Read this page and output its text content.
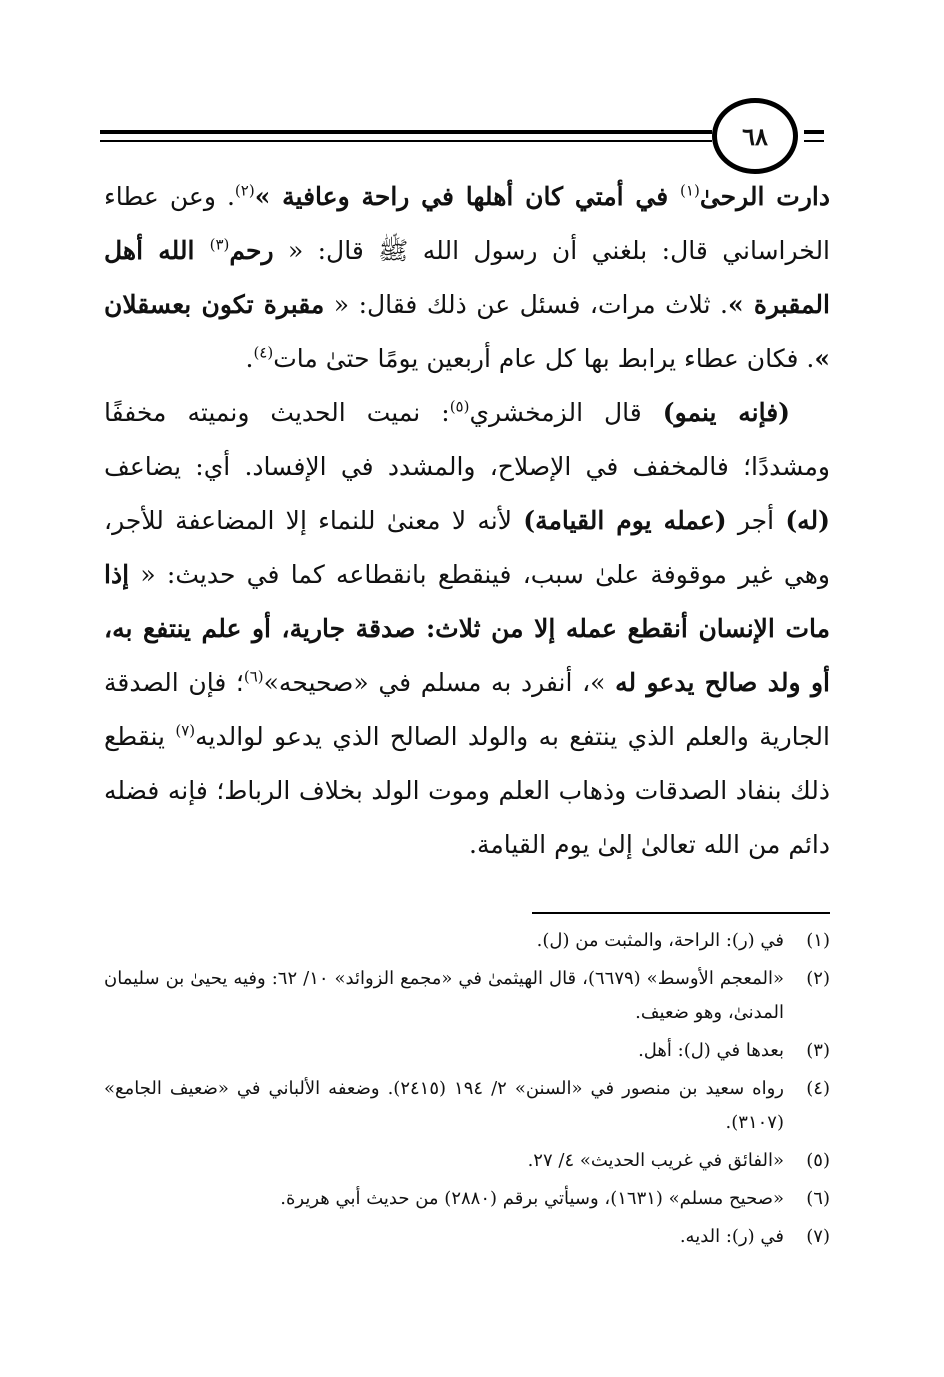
٦٨

دارت الرحىٰ$^{(١)}$ في أمتي كان أهلها في راحة وعافية »$^{(٢)}$. وعن عطاء الخراساني قال: بلغني أن رسول الله ﷺ قال: « رحم$^{(٣)}$ الله أهل المقبرة ». ثلاث مرات، فسئل عن ذلك فقال: « مقبرة تكون بعسقلان ». فكان عطاء يرابط بها كل عام أربعين يومًا حتىٰ مات$^{(٤)}$.

(فإنه ينمو) قال الزمخشري$^{(٥)}$: نميت الحديث ونميته مخففًا ومشددًا؛ فالمخفف في الإصلاح، والمشدد في الإفساد. أي: يضاعف (له) أجر (عمله يوم القيامة) لأنه لا معنىٰ للنماء إلا المضاعفة للأجر، وهي غير موقوفة علىٰ سبب، فينقطع بانقطاعه كما في حديث: « إذا مات الإنسان أنقطع عمله إلا من ثلاث: صدقة جارية، أو علم ينتفع به، أو ولد صالح يدعو له »، أنفرد به مسلم في «صحيحه»$^{(٦)}$؛ فإن الصدقة الجارية والعلم الذي ينتفع به والولد الصالح الذي يدعو لوالديه$^{(٧)}$ ينقطع ذلك بنفاد الصدقات وذهاب العلم وموت الولد بخلاف الرباط؛ فإنه فضله دائم من الله تعالىٰ إلىٰ يوم القيامة.

(١)
في (ر): الراحة، والمثبت من (ل).
(٢)
«المعجم الأوسط» (٦٦٧٩)، قال الهيثمىٰ في «مجمع الزوائد» ١٠/ ٦٢: وفيه يحيىٰ بن سليمان المدنىٰ، وهو ضعيف.
(٣)
بعدها في (ل): أهل.
(٤)
رواه سعيد بن منصور في «السنن» ٢/ ١٩٤ (٢٤١٥). وضعفه الألباني في «ضعيف الجامع» (٣١٠٧).
(٥)
«الفائق في غريب الحديث» ٤/ ٢٧.
(٦)
«صحيح مسلم» (١٦٣١)، وسيأتي برقم (٢٨٨٠) من حديث أبي هريرة.
(٧)
في (ر): الديه.
